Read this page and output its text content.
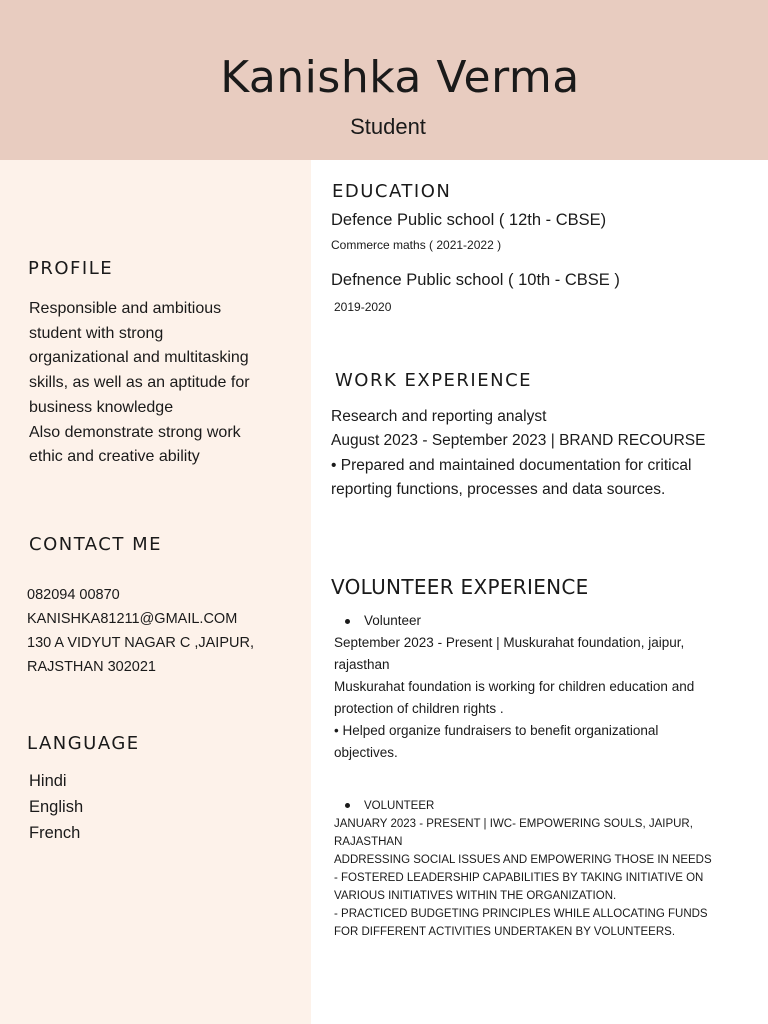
Kanishka Verma
Student
PROFILE
Responsible and ambitious
student with strong
organizational and multitasking
skills, as well as an aptitude for
business knowledge
Also demonstrate strong work
ethic and creative ability
CONTACT ME
082094 00870
KANISHKA81211@GMAIL.COM
130 A VIDYUT NAGAR C ,JAIPUR,
RAJSTHAN 302021
LANGUAGE
Hindi
English
French
EDUCATION
Defence Public school ( 12th - CBSE)
Commerce maths ( 2021-2022 )
Defnence Public school ( 10th - CBSE )
2019-2020
WORK EXPERIENCE
Research and reporting analyst
August 2023 - September 2023 | BRAND RECOURSE
• Prepared and maintained documentation for critical
reporting functions, processes and data sources.
VOLUNTEER EXPERIENCE
Volunteer
September 2023 - Present | Muskurahat foundation, jaipur,
rajasthan
Muskurahat foundation is working for children education and
protection of children rights .
• Helped organize fundraisers to benefit organizational
objectives.
VOLUNTEER
JANUARY 2023 - PRESENT | IWC- EMPOWERING SOULS, JAIPUR,
RAJASTHAN
ADDRESSING SOCIAL ISSUES AND EMPOWERING THOSE IN NEEDS
- FOSTERED LEADERSHIP CAPABILITIES BY TAKING INITIATIVE ON
VARIOUS INITIATIVES WITHIN THE ORGANIZATION.
- PRACTICED BUDGETING PRINCIPLES WHILE ALLOCATING FUNDS
FOR DIFFERENT ACTIVITIES UNDERTAKEN BY VOLUNTEERS.
